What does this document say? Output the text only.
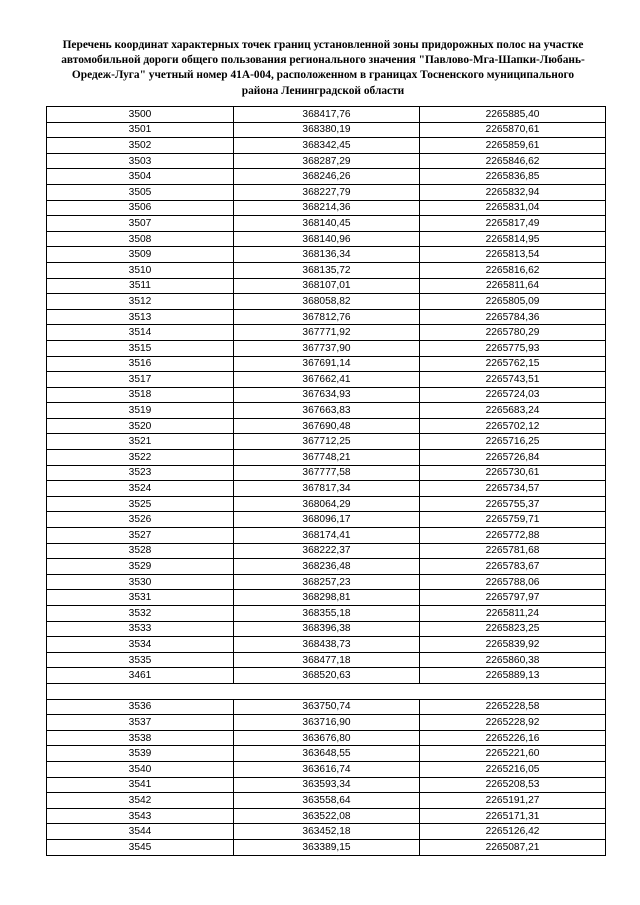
Перечень координат характерных точек границ установленной зоны придорожных полос на участке
автомобильной дороги общего пользования регионального значения "Павлово-Мга-Шапки-Любань-
Оредеж-Луга" учетный номер 41А-004, расположенном в границах Тосненского муниципального
района Ленинградской области
3500	368417,76	2265885,40
3501	368380,19	2265870,61
3502	368342,45	2265859,61
3503	368287,29	2265846,62
3504	368246,26	2265836,85
3505	368227,79	2265832,94
3506	368214,36	2265831,04
3507	368140,45	2265817,49
3508	368140,96	2265814,95
3509	368136,34	2265813,54
3510	368135,72	2265816,62
3511	368107,01	2265811,64
3512	368058,82	2265805,09
3513	367812,76	2265784,36
3514	367771,92	2265780,29
3515	367737,90	2265775,93
3516	367691,14	2265762,15
3517	367662,41	2265743,51
3518	367634,93	2265724,03
3519	367663,83	2265683,24
3520	367690,48	2265702,12
3521	367712,25	2265716,25
3522	367748,21	2265726,84
3523	367777,58	2265730,61
3524	367817,34	2265734,57
3525	368064,29	2265755,37
3526	368096,17	2265759,71
3527	368174,41	2265772,88
3528	368222,37	2265781,68
3529	368236,48	2265783,67
3530	368257,23	2265788,06
3531	368298,81	2265797,97
3532	368355,18	2265811,24
3533	368396,38	2265823,25
3534	368438,73	2265839,92
3535	368477,18	2265860,38
3461	368520,63	2265889,13

3536	363750,74	2265228,58
3537	363716,90	2265228,92
3538	363676,80	2265226,16
3539	363648,55	2265221,60
3540	363616,74	2265216,05
3541	363593,34	2265208,53
3542	363558,64	2265191,27
3543	363522,08	2265171,31
3544	363452,18	2265126,42
3545	363389,15	2265087,21
